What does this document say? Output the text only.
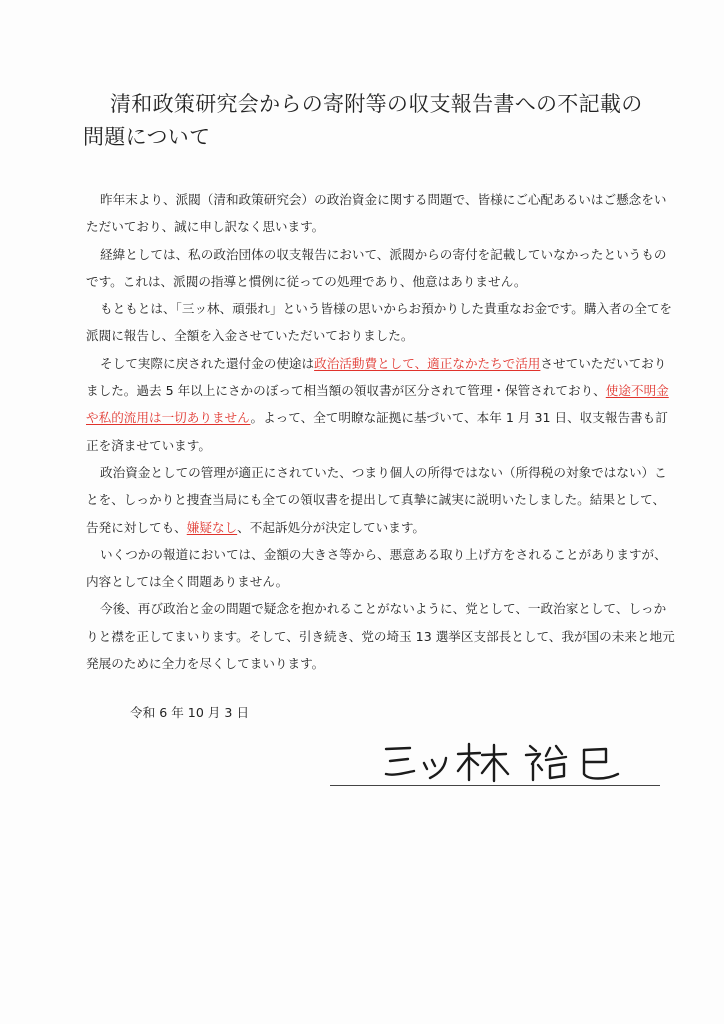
清和政策研究会からの寄附等の収支報告書への不記載の
問題について

昨年末より、派閥（清和政策研究会）の政治資金に関する問題で、皆様にご心配あるいはご懸念をいただいており、誠に申し訳なく思います。

経緯としては、私の政治団体の収支報告において、派閥からの寄付を記載していなかったというものです。これは、派閥の指導と慣例に従っての処理であり、他意はありません。

もともとは、「三ッ林、頑張れ」という皆様の思いからお預かりした貴重なお金です。購入者の全てを派閥に報告し、全額を入金させていただいておりました。

そして実際に戻された還付金の使途は政治活動費として、適正なかたちで活用させていただいておりました。過去 5 年以上にさかのぼって相当額の領収書が区分されて管理・保管されており、使途不明金や私的流用は一切ありません。よって、全て明瞭な証拠に基づいて、本年 1 月 31 日、収支報告書も訂正を済ませています。

政治資金としての管理が適正にされていた、つまり個人の所得ではない（所得税の対象ではない）ことを、しっかりと捜査当局にも全ての領収書を提出して真摯に誠実に説明いたしました。結果として、告発に対しても、嫌疑なし、不起訴処分が決定しています。

いくつかの報道においては、金額の大きさ等から、悪意ある取り上げ方をされることがありますが、内容としては全く問題ありません。

今後、再び政治と金の問題で疑念を抱かれることがないように、党として、一政治家として、しっかりと襟を正してまいります。そして、引き続き、党の埼玉 13 選挙区支部長として、我が国の未来と地元発展のために全力を尽くしてまいります。

令和 6 年 10 月 3 日
